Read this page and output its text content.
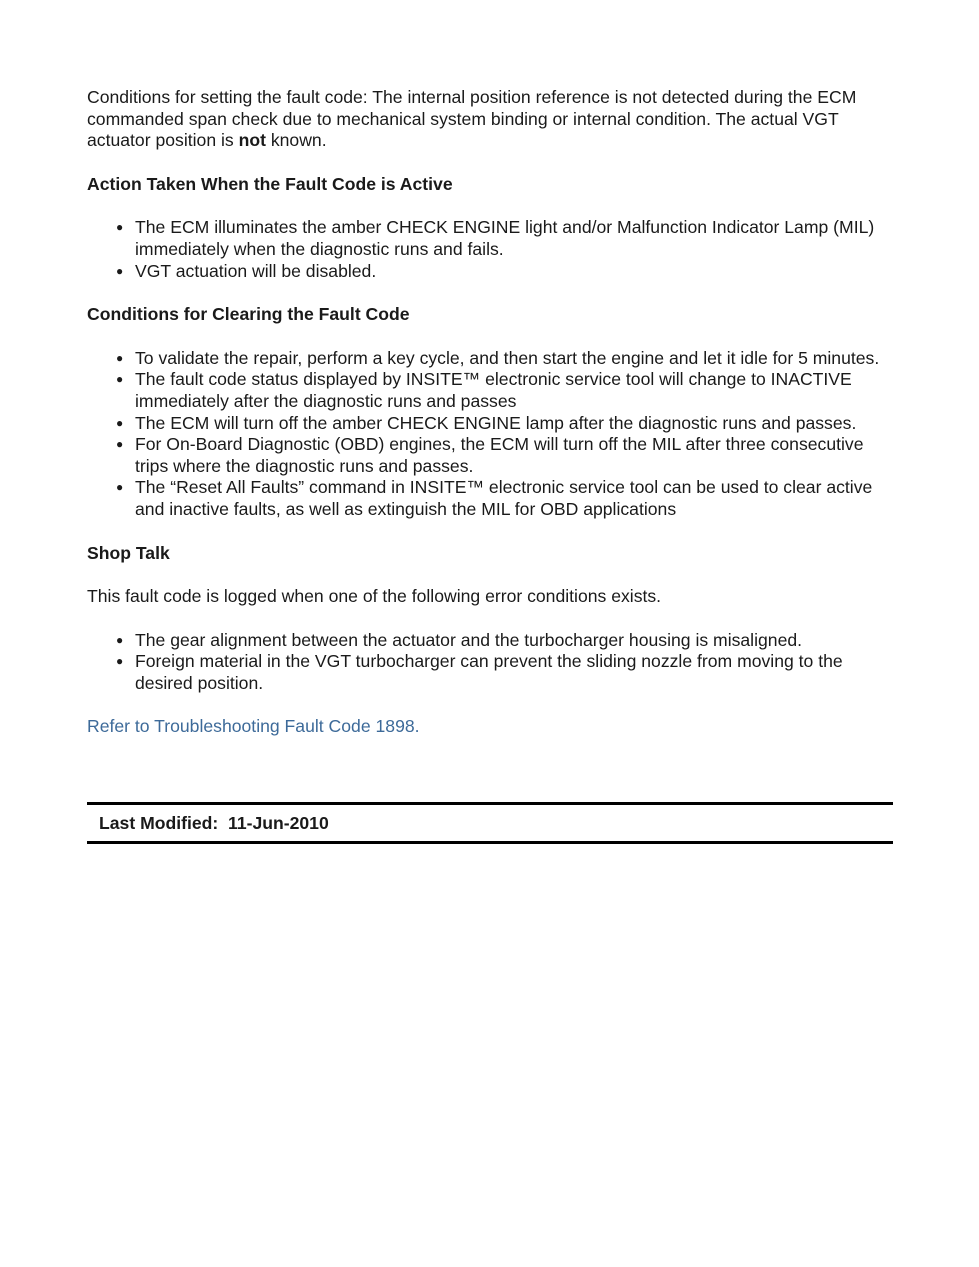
Conditions for setting the fault code: The internal position reference is not detected during the ECM commanded span check due to mechanical system binding or internal condition. The actual VGT actuator position is not known.

Action Taken When the Fault Code is Active

● The ECM illuminates the amber CHECK ENGINE light and/or Malfunction Indicator Lamp (MIL) immediately when the diagnostic runs and fails.
● VGT actuation will be disabled.

Conditions for Clearing the Fault Code

● To validate the repair, perform a key cycle, and then start the engine and let it idle for 5 minutes.
● The fault code status displayed by INSITE™ electronic service tool will change to INACTIVE immediately after the diagnostic runs and passes
● The ECM will turn off the amber CHECK ENGINE lamp after the diagnostic runs and passes.
● For On-Board Diagnostic (OBD) engines, the ECM will turn off the MIL after three consecutive trips where the diagnostic runs and passes.
● The “Reset All Faults” command in INSITE™ electronic service tool can be used to clear active and inactive faults, as well as extinguish the MIL for OBD applications

Shop Talk

This fault code is logged when one of the following error conditions exists.

● The gear alignment between the actuator and the turbocharger housing is misaligned.
● Foreign material in the VGT turbocharger can prevent the sliding nozzle from moving to the desired position.

Refer to Troubleshooting Fault Code 1898.

Last Modified:  11-Jun-2010
